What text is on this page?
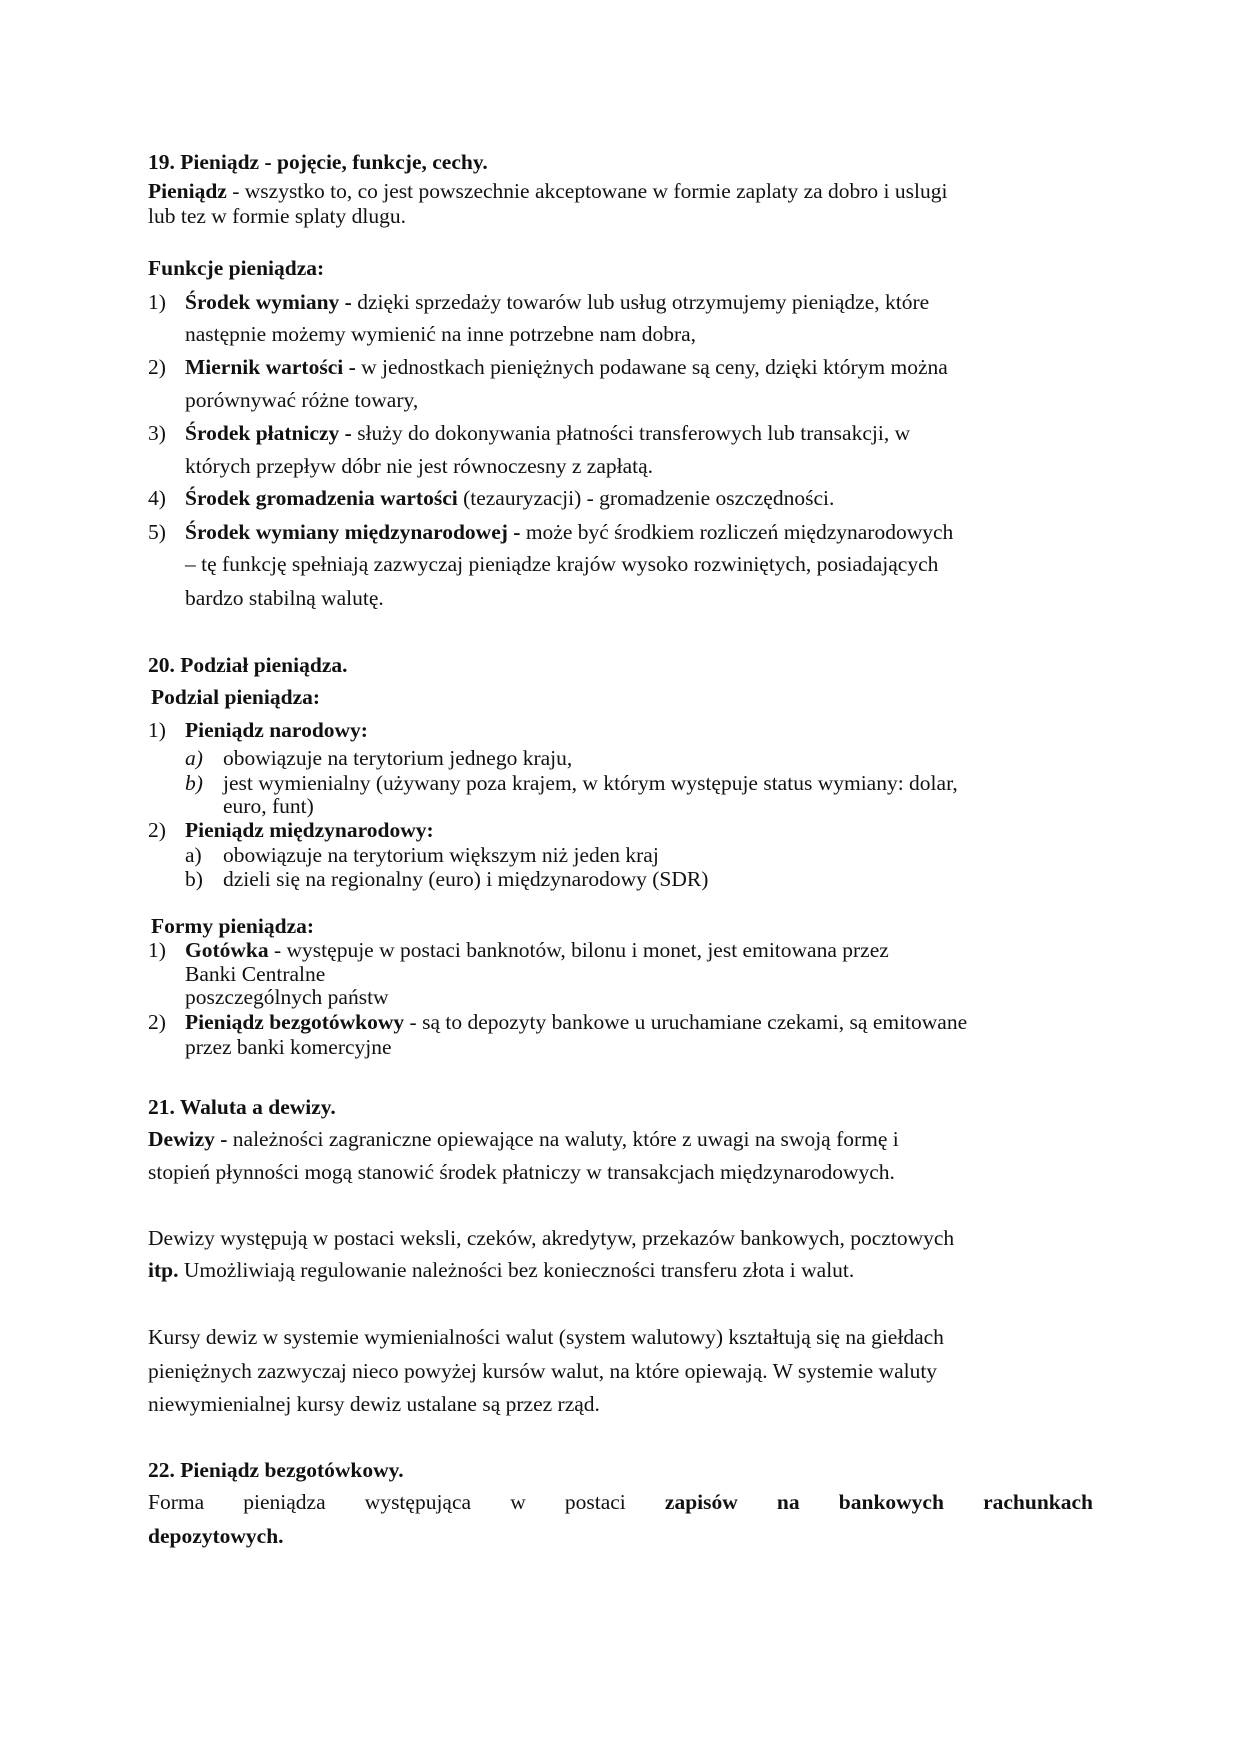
19. Pieniądz - pojęcie, funkcje, cechy.
Pieniądz - wszystko to, co jest powszechnie akceptowane w formie zaplaty za dobro i uslugi
lub tez w formie splaty dlugu.
Funkcje pieniądza:
1) Środek wymiany - dzięki sprzedaży towarów lub usług otrzymujemy pieniądze, które
następnie możemy wymienić na inne potrzebne nam dobra,
2) Miernik wartości - w jednostkach pieniężnych podawane są ceny, dzięki którym można
porównywać różne towary,
3) Środek płatniczy - służy do dokonywania płatności transferowych lub transakcji, w
których przepływ dóbr nie jest równoczesny z zapłatą.
4) Środek gromadzenia wartości (tezauryzacji) - gromadzenie oszczędności.
5) Środek wymiany międzynarodowej - może być środkiem rozliczeń międzynarodowych
– tę funkcję spełniają zazwyczaj pieniądze krajów wysoko rozwiniętych, posiadających
bardzo stabilną walutę.
20. Podział pieniądza.
Podzial pieniądza:
1) Pieniądz narodowy:
a) obowiązuje na terytorium jednego kraju,
b) jest wymienialny (używany poza krajem, w którym występuje status wymiany: dolar,
euro, funt)
2) Pieniądz międzynarodowy:
a) obowiązuje na terytorium większym niż jeden kraj
b) dzieli się na regionalny (euro) i międzynarodowy (SDR)
Formy pieniądza:
1) Gotówka - występuje w postaci banknotów, bilonu i monet, jest emitowana przez
Banki Centralne
poszczególnych państw
2) Pieniądz bezgotówkowy - są to depozyty bankowe u uruchamiane czekami, są emitowane
przez banki komercyjne
21. Waluta a dewizy.
Dewizy - należności zagraniczne opiewające na waluty, które z uwagi na swoją formę i
stopień płynności mogą stanowić środek płatniczy w transakcjach międzynarodowych.
Dewizy występują w postaci weksli, czeków, akredytyw, przekazów bankowych, pocztowych
itp. Umożliwiają regulowanie należności bez konieczności transferu złota i walut.
Kursy dewiz w systemie wymienialności walut (system walutowy) kształtują się na giełdach
pieniężnych zazwyczaj nieco powyżej kursów walut, na które opiewają. W systemie waluty
niewymienialnej kursy dewiz ustalane są przez rząd.
22. Pieniądz bezgotówkowy.
Forma pieniądza występująca w postaci zapisów na bankowych rachunkach
depozytowych.
